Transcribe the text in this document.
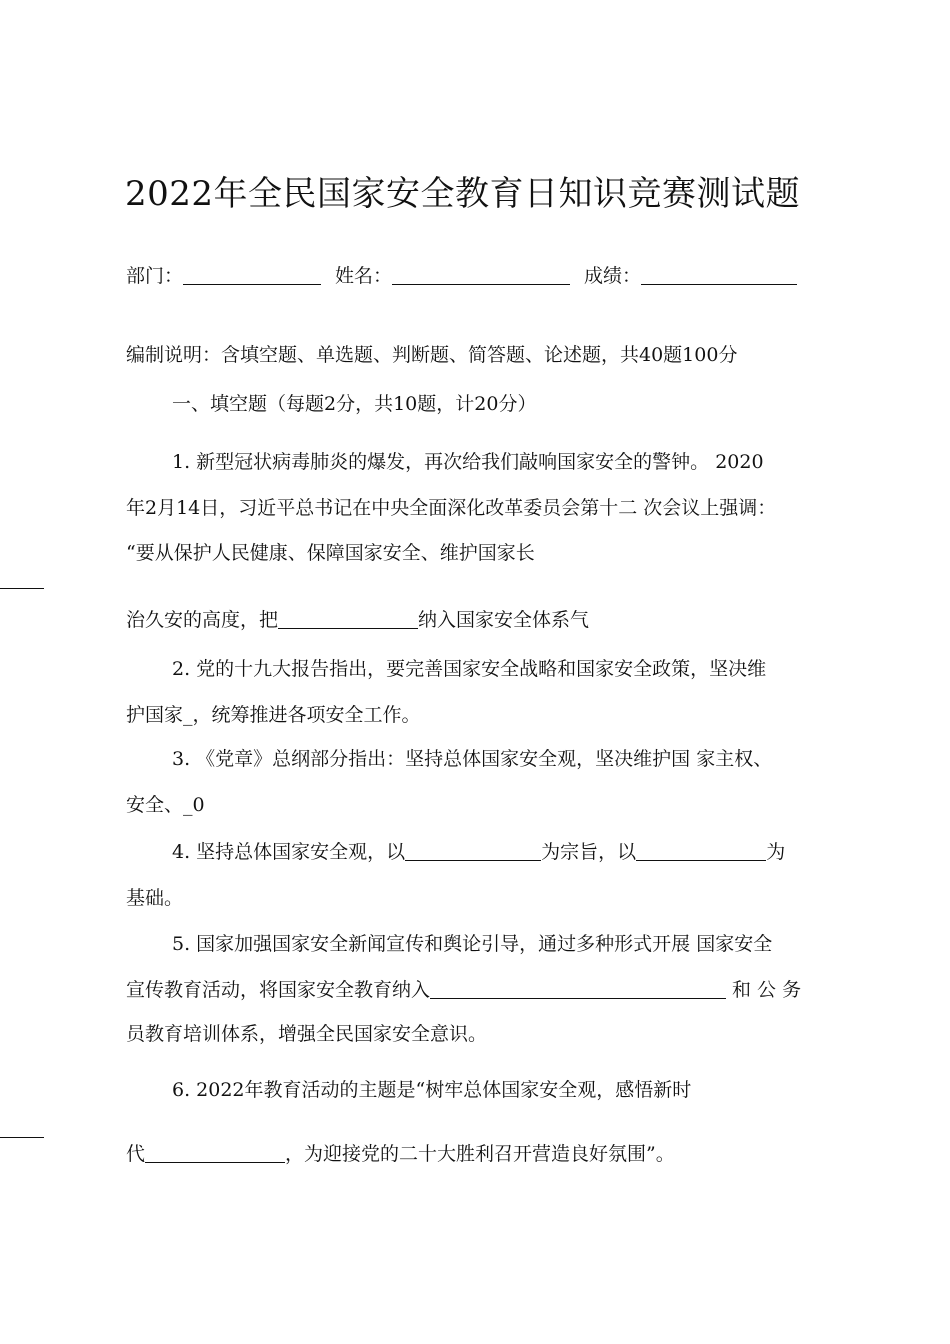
2022年全民国家安全教育日知识竞赛测试题
部门：	姓名：	成绩：
编制说明：含填空题、单选题、判断题、简答题、论述题，共40题100分
一、填空题（每题2分，共10题，计20分）
1. 新型冠状病毒肺炎的爆发，再次给我们敲响国家安全的警钟。 2020
年2月14日，习近平总书记在中央全面深化改革委员会第十二 次会议上强调：
“要从保护人民健康、保障国家安全、维护国家长
治久安的高度，把	纳入国家安全体系气
2. 党的十九大报告指出，要完善国家安全战略和国家安全政策，坚决维
护国家_，统筹推进各项安全工作。
3. 《党章》总纲部分指出：坚持总体国家安全观，坚决维护国 家主权、
安全、_0
4. 坚持总体国家安全观，以	为宗旨，以	为
基础。
5. 国家加强国家安全新闻宣传和舆论引导，通过多种形式开展 国家安全
宣传教育活动，将国家安全教育纳入	和 公 务
员教育培训体系，增强全民国家安全意识。
6. 2022年教育活动的主题是“树牢总体国家安全观，感悟新时
代	，为迎接党的二十大胜利召开营造良好氛围”。
